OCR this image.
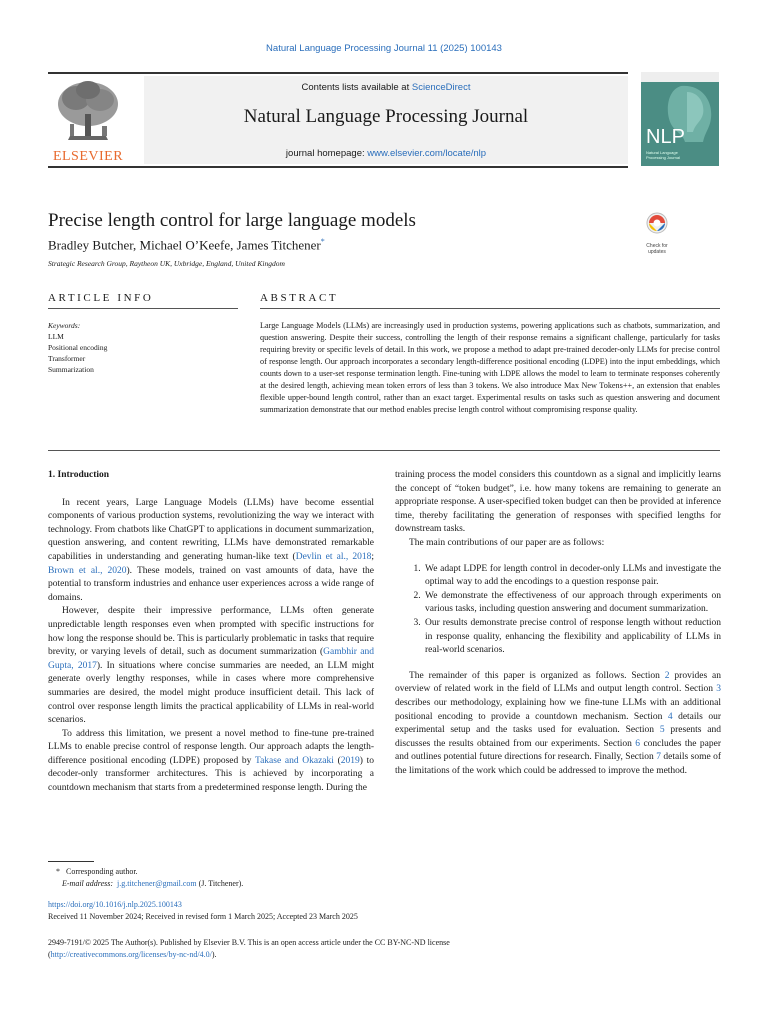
Natural Language Processing Journal 11 (2025) 100143
ELSEVIER
Contents lists available at ScienceDirect
Natural Language Processing Journal
journal homepage: www.elsevier.com/locate/nlp
NLP
Natural Language Processing Journal
Precise length control for large language models
Bradley Butcher, Michael O’Keefe, James Titchener*
Strategic Research Group, Raytheon UK, Uxbridge, England, United Kingdom
Check for updates
ARTICLE INFO	ABSTRACT
Keywords:
LLM
Positional encoding
Transformer
Summarization
Large Language Models (LLMs) are increasingly used in production systems, powering applications such as chatbots, summarization, and question answering. Despite their success, controlling the length of their response remains a significant challenge, particularly for tasks requiring brevity or specific levels of detail. In this work, we propose a method to adapt pre-trained decoder-only LLMs for precise control of response length. Our approach incorporates a secondary length-difference positional encoding (LDPE) into the input embeddings, which counts down to a user-set response termination length. Fine-tuning with LDPE allows the model to learn to terminate responses coherently at the desired length, achieving mean token errors of less than 3 tokens. We also introduce Max New Tokens++, an extension that enables flexible upper-bound length control, rather than an exact target. Experimental results on tasks such as question answering and document summarization demonstrate that our method enables precise length control without compromising response quality.

1. Introduction

In recent years, Large Language Models (LLMs) have become essential components of various production systems, revolutionizing the way we interact with technology. From chatbots like ChatGPT to applications in document summarization, question answering, and content rewriting, LLMs have demonstrated remarkable capabilities in understanding and generating human-like text (Devlin et al., 2018; Brown et al., 2020). These models, trained on vast amounts of data, have the potential to transform industries and enhance user experiences across a wide range of domains.

However, despite their impressive performance, LLMs often generate unpredictable length responses even when prompted with specific instructions for how long the response should be. This is particularly problematic in tasks that require brevity, or varying levels of detail, such as document summarization (Gambhir and Gupta, 2017). In situations where concise summaries are needed, an LLM might generate overly lengthy responses, while in cases where more comprehensive summaries are desired, the model might produce insufficient detail. This lack of control over response length limits the practical applicability of LLMs in real-world scenarios.

To address this limitation, we present a novel method to fine-tune pre-trained LLMs to enable precise control of response length. Our approach adapts the length-difference positional encoding (LDPE) proposed by Takase and Okazaki (2019) to decoder-only transformer architectures. This is achieved by incorporating a countdown mechanism that starts from a predetermined response length. During the

training process the model considers this countdown as a signal and implicitly learns the concept of “token budget”, i.e. how many tokens are remaining to generate an appropriate response. A user-specified token budget can then be provided at inference time, thereby facilitating the generation of responses with specified lengths for downstream tasks.

The main contributions of our paper are as follows:

1. We adapt LDPE for length control in decoder-only LLMs and investigate the optimal way to add the encodings to a question response pair.
2. We demonstrate the effectiveness of our approach through experiments on various tasks, including question answering and document summarization.
3. Our results demonstrate precise control of response length without reduction in response quality, enhancing the flexibility and applicability of LLMs in real-world scenarios.

The remainder of this paper is organized as follows. Section 2 provides an overview of related work in the field of LLMs and output length control. Section 3 describes our methodology, explaining how we fine-tune LLMs with an additional positional encoding to provide a countdown mechanism. Section 4 details our experimental setup and the tasks used for evaluation. Section 5 presents and discusses the results obtained from our experiments. Section 6 concludes the paper and outlines potential future directions for research. Finally, Section 7 details some of the limitations of the work which could be addressed to improve the method.

* Corresponding author.
E-mail address: j.g.titchener@gmail.com (J. Titchener).
https://doi.org/10.1016/j.nlp.2025.100143
Received 11 November 2024; Received in revised form 1 March 2025; Accepted 23 March 2025
2949-7191/© 2025 The Author(s). Published by Elsevier B.V. This is an open access article under the CC BY-NC-ND license
(http://creativecommons.org/licenses/by-nc-nd/4.0/).
